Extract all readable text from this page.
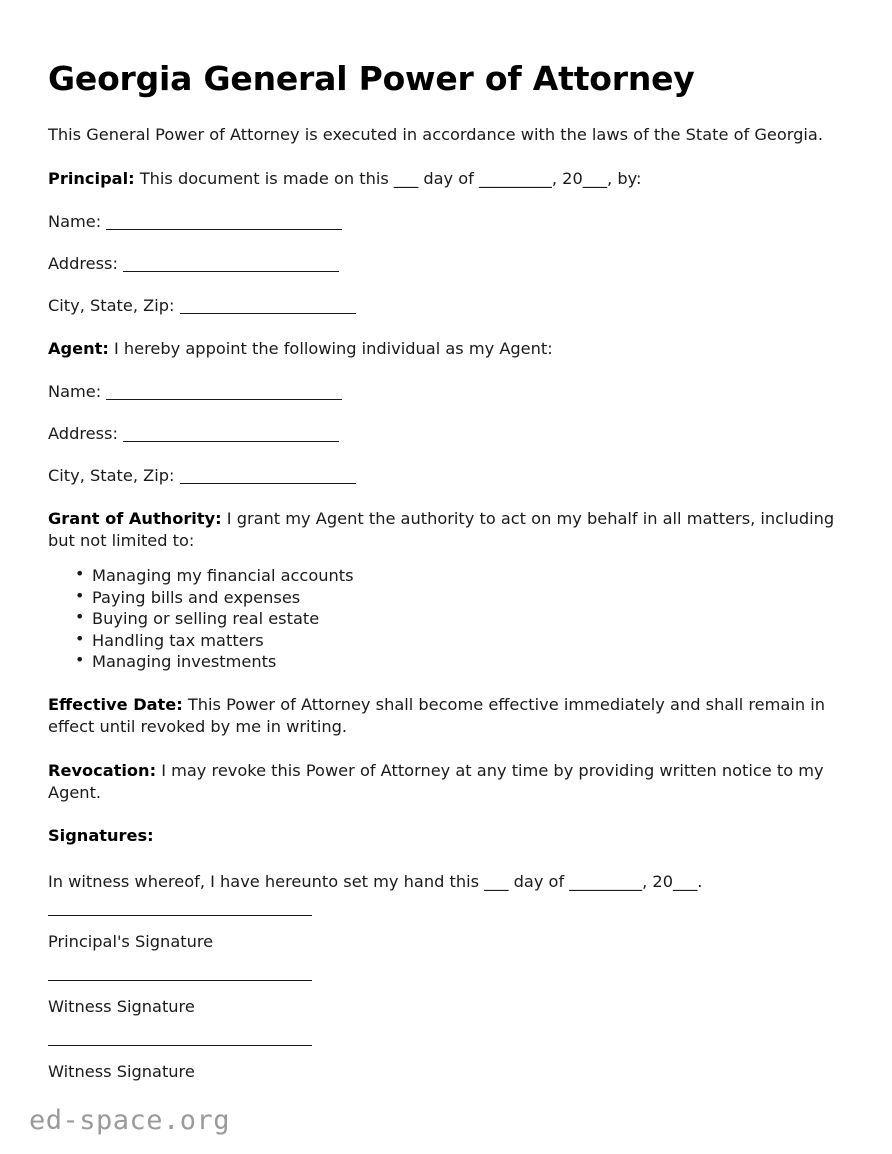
Georgia General Power of Attorney

This General Power of Attorney is executed in accordance with the laws of the State of Georgia.

Principal: This document is made on this ___ day of _________, 20___, by:

Name:
Address:
City, State, Zip:

Agent: I hereby appoint the following individual as my Agent:

Name:
Address:
City, State, Zip:

Grant of Authority: I grant my Agent the authority to act on my behalf in all matters, including but not limited to:

• Managing my financial accounts
• Paying bills and expenses
• Buying or selling real estate
• Handling tax matters
• Managing investments

Effective Date: This Power of Attorney shall become effective immediately and shall remain in effect until revoked by me in writing.

Revocation: I may revoke this Power of Attorney at any time by providing written notice to my Agent.

Signatures:

In witness whereof, I have hereunto set my hand this ___ day of _________, 20___.

Principal's Signature
Witness Signature
Witness Signature
ed-space.org
